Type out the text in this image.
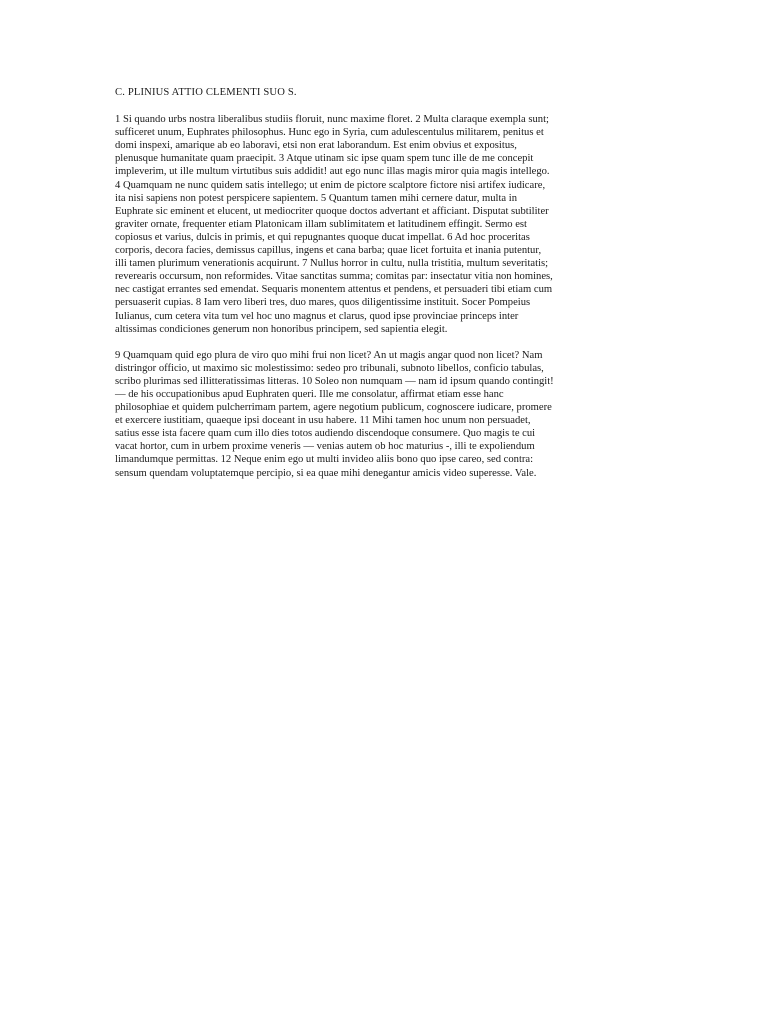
C. PLINIUS ATTIO CLEMENTI SUO S.
1 Si quando urbs nostra liberalibus studiis floruit, nunc maxime floret. 2 Multa claraque exempla sunt;
sufficeret unum, Euphrates philosophus. Hunc ego in Syria, cum adulescentulus militarem, penitus et
domi inspexi, amarique ab eo laboravi, etsi non erat laborandum. Est enim obvius et expositus,
plenusque humanitate quam praecipit. 3 Atque utinam sic ipse quam spem tunc ille de me concepit
impleverim, ut ille multum virtutibus suis addidit! aut ego nunc illas magis miror quia magis intellego.
4 Quamquam ne nunc quidem satis intellego; ut enim de pictore scalptore fictore nisi artifex iudicare,
ita nisi sapiens non potest perspicere sapientem. 5 Quantum tamen mihi cernere datur, multa in
Euphrate sic eminent et elucent, ut mediocriter quoque doctos advertant et afficiant. Disputat subtiliter
graviter ornate, frequenter etiam Platonicam illam sublimitatem et latitudinem effingit. Sermo est
copiosus et varius, dulcis in primis, et qui repugnantes quoque ducat impellat. 6 Ad hoc proceritas
corporis, decora facies, demissus capillus, ingens et cana barba; quae licet fortuita et inania putentur,
illi tamen plurimum venerationis acquirunt. 7 Nullus horror in cultu, nulla tristitia, multum severitatis;
reverearis occursum, non reformides. Vitae sanctitas summa; comitas par: insectatur vitia non homines,
nec castigat errantes sed emendat. Sequaris monentem attentus et pendens, et persuaderi tibi etiam cum
persuaserit cupias. 8 Iam vero liberi tres, duo mares, quos diligentissime instituit. Socer Pompeius
Iulianus, cum cetera vita tum vel hoc uno magnus et clarus, quod ipse provinciae princeps inter
altissimas condiciones generum non honoribus principem, sed sapientia elegit.
9 Quamquam quid ego plura de viro quo mihi frui non licet? An ut magis angar quod non licet? Nam
distringor officio, ut maximo sic molestissimo: sedeo pro tribunali, subnoto libellos, conficio tabulas,
scribo plurimas sed illitteratissimas litteras. 10 Soleo non numquam — nam id ipsum quando contingit!
— de his occupationibus apud Euphraten queri. Ille me consolatur, affirmat etiam esse hanc
philosophiae et quidem pulcherrimam partem, agere negotium publicum, cognoscere iudicare, promere
et exercere iustitiam, quaeque ipsi doceant in usu habere. 11 Mihi tamen hoc unum non persuadet,
satius esse ista facere quam cum illo dies totos audiendo discendoque consumere. Quo magis te cui
vacat hortor, cum in urbem proxime veneris — venias autem ob hoc maturius -, illi te expoliendum
limandumque permittas. 12 Neque enim ego ut multi invideo aliis bono quo ipse careo, sed contra:
sensum quendam voluptatemque percipio, si ea quae mihi denegantur amicis video superesse. Vale.
